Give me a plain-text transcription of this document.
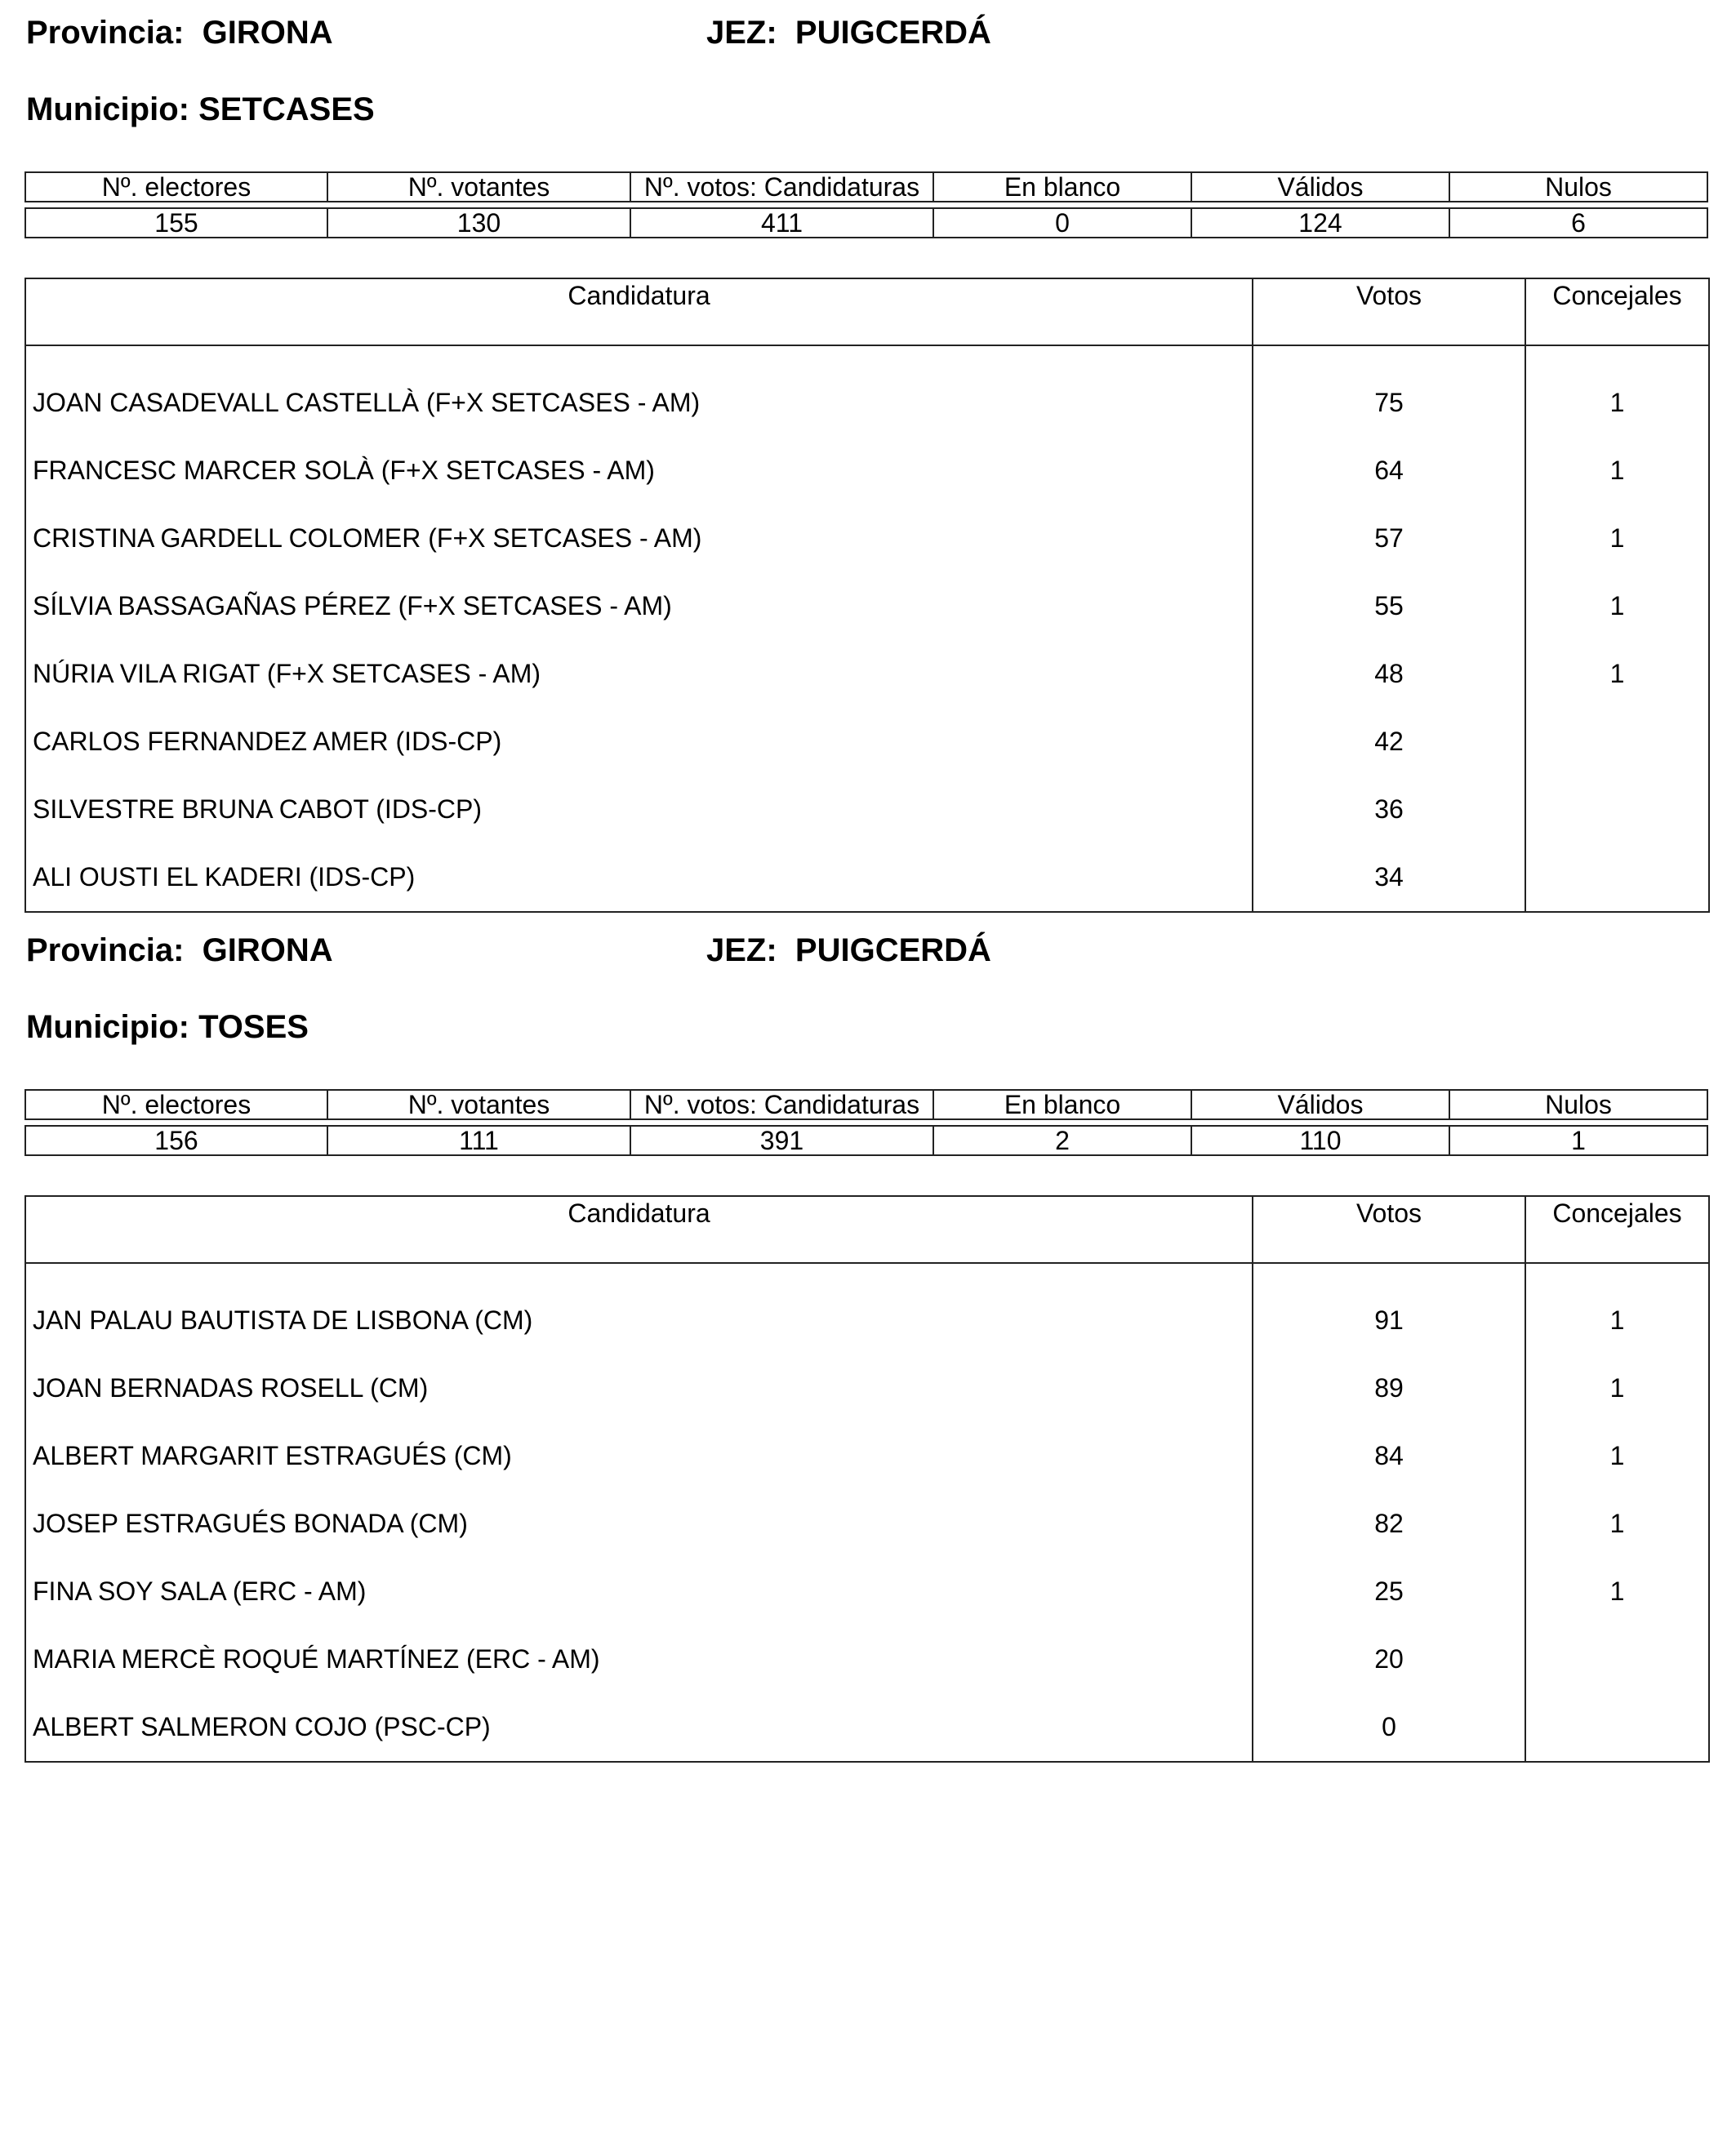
Provincia: GIRONA	JEZ: PUIGCERDÁ
Municipio: SETCASES
Nº. electores	Nº. votantes	Nº. votos: Candidaturas	En blanco	Válidos	Nulos

155	130	411	0	124	6
Candidatura	Votos	Concejales

JOAN CASADEVALL CASTELLÀ (F+X SETCASES - AM)	75	1
FRANCESC MARCER SOLÀ (F+X SETCASES - AM)	64	1
CRISTINA GARDELL COLOMER (F+X SETCASES - AM)	57	1
SÍLVIA BASSAGAÑAS PÉREZ (F+X SETCASES - AM)	55	1
NÚRIA VILA RIGAT (F+X SETCASES - AM)	48	1
CARLOS FERNANDEZ AMER (IDS-CP)	42	
SILVESTRE BRUNA CABOT (IDS-CP)	36	
ALI OUSTI EL KADERI (IDS-CP)	34	
Provincia: GIRONA	JEZ: PUIGCERDÁ
Municipio: TOSES
Nº. electores	Nº. votantes	Nº. votos: Candidaturas	En blanco	Válidos	Nulos

156	111	391	2	110	1
Candidatura	Votos	Concejales

JAN PALAU BAUTISTA DE LISBONA (CM)	91	1
JOAN BERNADAS ROSELL (CM)	89	1
ALBERT MARGARIT ESTRAGUÉS (CM)	84	1
JOSEP ESTRAGUÉS BONADA (CM)	82	1
FINA SOY SALA (ERC - AM)	25	1
MARIA MERCÈ ROQUÉ MARTÍNEZ (ERC - AM)	20	
ALBERT SALMERON COJO (PSC-CP)	0	
